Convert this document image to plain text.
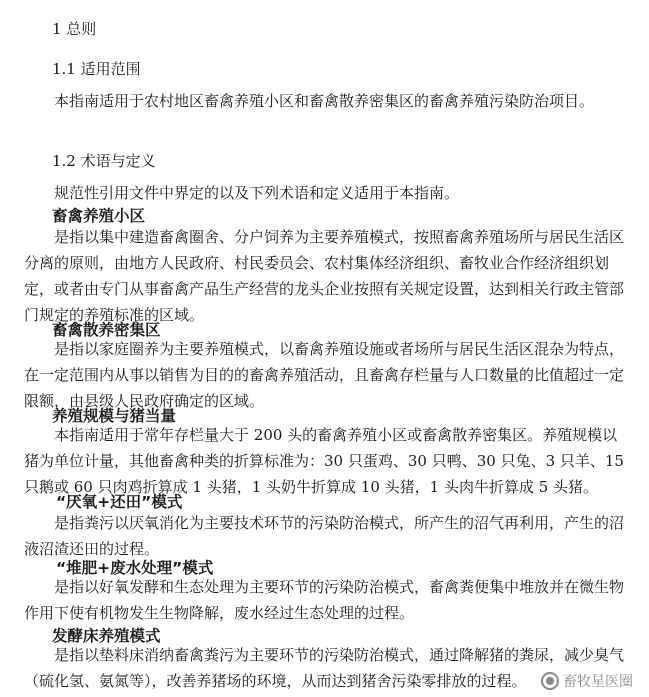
1 总则
1.1 适用范围

本指南适用于农村地区畜禽养殖小区和畜禽散养密集区的畜禽养殖污染防治项目。

1.2 术语与定义

规范性引用文件中界定的以及下列术语和定义适用于本指南。

畜禽养殖小区

是指以集中建造畜禽圈舍、分户饲养为主要养殖模式，按照畜禽养殖场所与居民生活区分离的原则，由地方人民政府、村民委员会、农村集体经济组织、畜牧业合作经济组织划定，或者由专门从事畜禽产品生产经营的龙头企业按照有关规定设置，达到相关行政主管部门规定的养殖标准的区域。

畜禽散养密集区

是指以家庭圈养为主要养殖模式，以畜禽养殖设施或者场所与居民生活区混杂为特点，在一定范围内从事以销售为目的的畜禽养殖活动，且畜禽存栏量与人口数量的比值超过一定限额，由县级人民政府确定的区域。

养殖规模与猪当量

本指南适用于常年存栏量大于 200 头的畜禽养殖小区或畜禽散养密集区。养殖规模以猪为单位计量，其他畜禽种类的折算标准为：30 只蛋鸡、30 只鸭、30 只兔、3 只羊、15 只鹅或 60 只肉鸡折算成 1 头猪，1 头奶牛折算成 10 头猪，1 头肉牛折算成 5 头猪。

“厌氧+还田”模式

是指粪污以厌氧消化为主要技术环节的污染防治模式，所产生的沼气再利用，产生的沼液沼渣还田的过程。

“堆肥+废水处理”模式

是指以好氧发酵和生态处理为主要环节的污染防治模式，畜禽粪便集中堆放并在微生物作用下使有机物发生生物降解，废水经过生态处理的过程。

发酵床养殖模式

是指以垫料床消纳畜禽粪污为主要环节的污染防治模式，通过降解猪的粪尿，减少臭气（硫化氢、氨氮等），改善养猪场的环境，从而达到猪舍污染零排放的过程。	畜牧星医圈
